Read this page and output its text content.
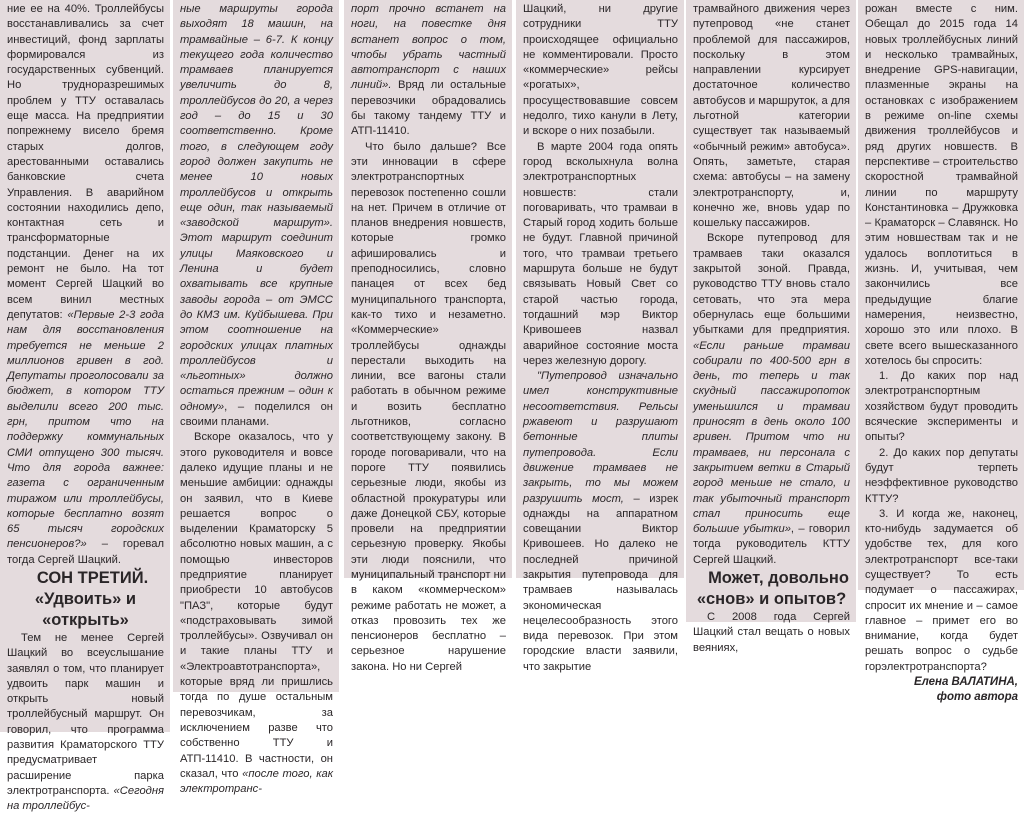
ние ее на 40%. Троллейбусы восстанавливались за счет инвестиций, фонд зарплаты формировался из государственных субвенций. Но трудноразрешимых проблем у ТТУ оставалась еще масса. На предприятии попрежнему висело бремя старых долгов, арестованными оставались банковские счета Управления. В аварийном состоянии находились депо, контактная сеть и трансформаторные подстанции. Денег на их ремонт не было. На тот момент Сергей Шацкий во всем винил местных депутатов: «Первые 2-3 года нам для восстановления требуется не меньше 2 миллионов гривен в год. Депутаты проголосовали за бюджет, в котором ТТУ выделили всего 200 тыс. грн, притом что на поддержку коммунальных СМИ отпущено 300 тысяч. Что для города важнее: газета с ограниченным тиражом или троллейбусы, которые бесплатно возят 65 тысяч городских пенсионеров?» – горевал тогда Сергей Шацкий.

СОН ТРЕТИЙ. «Удвоить» и «открыть»

Тем не менее Сергей Шацкий во всеуслышание заявлял о том, что планирует удвоить парк машин и открыть новый троллейбусный маршрут. Он говорил, что программа развития Краматорского ТТУ предусматривает расширение парка электротранспорта. «Сегодня на троллейбус-

ные маршруты города выходят 18 машин, на трамвайные – 6-7. К концу текущего года количество трамваев планируется увеличить до 8, троллейбусов до 20, а через год – до 15 и 30 соответственно. Кроме того, в следующем году город должен закупить не менее 10 новых троллейбусов и открыть еще один, так называемый «заводской маршрут». Этот маршрут соединит улицы Маяковского и Ленина и будет охватывать все крупные заводы города – от ЭМСС до КМЗ им. Куйбышева. При этом соотношение на городских улицах платных троллейбусов и «льготных» должно остаться прежним – один к одному», – поделился он своими планами.

Вскоре оказалось, что у этого руководителя и вовсе далеко идущие планы и не меньшие амбиции: однажды он заявил, что в Киеве решается вопрос о выделении Краматорску 5 абсолютно новых машин, а с помощью инвесторов предприятие планирует приобрести 10 автобусов "ПАЗ", которые будут «подстраховывать зимой троллейбусы». Озвучивал он и такие планы ТТУ и «Электроавтотранспорта», которые вряд ли пришлись тогда по душе остальным перевозчикам, за исключением разве что собственно ТТУ и АТП-11410. В частности, он сказал, что «после того, как электротранс-

порт прочно встанет на ноги, на повестке дня встанет вопрос о том, чтобы убрать частный автотранспорт с наших линий». Вряд ли остальные перевозчики обрадовались бы такому тандему ТТУ и АТП-11410.

Что было дальше? Все эти инновации в сфере электротранспортных перевозок постепенно сошли на нет. Причем в отличие от планов внедрения новшеств, которые громко афишировались и преподносились, словно панацея от всех бед муниципального транспорта, как-то тихо и незаметно. «Коммерческие» троллейбусы однажды перестали выходить на линии, все вагоны стали работать в обычном режиме и возить бесплатно льготников, согласно соответствующему закону. В городе поговаривали, что на пороге ТТУ появились серьезные люди, якобы из областной прокуратуры или даже Донецкой СБУ, которые провели на предприятии серьезную проверку. Якобы эти люди пояснили, что муниципальный транспорт ни в каком «коммерческом» режиме работать не может, а отказ провозить тех же пенсионеров бесплатно – серьезное нарушение закона. Но ни Сергей

Шацкий, ни другие сотрудники ТТУ происходящее официально не комментировали. Просто «коммерческие» рейсы «рогатых», просуществовавшие совсем недолго, тихо канули в Лету, и вскоре о них позабыли.

В марте 2004 года опять город всколыхнула волна электротранспортных новшеств: стали поговаривать, что трамваи в Старый город ходить больше не будут. Главной причиной того, что трамваи третьего маршрута больше не будут связывать Новый Свет со старой частью города, тогдашний мэр Виктор Кривошеев назвал аварийное состояние моста через железную дорогу.

"Путепровод изначально имел конструктивные несоответствия. Рельсы ржавеют и разрушают бетонные плиты путепровода. Если движение трамваев не закрыть, то мы можем разрушить мост, – изрек однажды на аппаратном совещании Виктор Кривошеев. Но далеко не последней причиной закрытия путепровода для трамваев называлась экономическая нецелесообразность этого вида перевозок. При этом городские власти заявили, что закрытие

трамвайного движения через путепровод «не станет проблемой для пассажиров, поскольку в этом направлении курсирует достаточное количество автобусов и маршруток, а для льготной категории существует так называемый «обычный режим» автобуса». Опять, заметьте, старая схема: автобусы – на замену электротранспорту, и, конечно же, вновь удар по кошельку пассажиров.

Вскоре путепровод для трамваев таки оказался закрытой зоной. Правда, руководство ТТУ вновь стало сетовать, что эта мера обернулась еще большими убытками для предприятия. «Если раньше трамваи собирали по 400-500 грн в день, то теперь и так скудный пассажиропоток уменьшился и трамваи приносят в день около 100 гривен. Притом что ни трамваев, ни персонала с закрытием ветки в Старый город меньше не стало, и так убыточный транспорт стал приносить еще большие убытки», – говорил тогда руководитель КТТУ Сергей Шацкий.

Может, довольно «снов» и опытов?

С 2008 года Сергей Шацкий стал вещать о новых веяниях,

рожан вместе с ним. Обещал до 2015 года 14 новых троллейбусных линий и несколько трамвайных, внедрение GPS-навигации, плазменные экраны на остановках с изображением в режиме on-line схемы движения троллейбусов и ряд других новшеств. В перспективе – строительство скоростной трамвайной линии по маршруту Константиновка – Дружковка – Краматорск – Славянск. Но этим новшествам так и не удалось воплотиться в жизнь. И, учитывая, чем закончились все предыдущие благие намерения, неизвестно, хорошо это или плохо. В свете всего вышесказанного хотелось бы спросить:

1. До каких пор над электротранспортным хозяйством будут проводить всяческие эксперименты и опыты?

2. До каких пор депутаты будут терпеть неэффективное руководство КТТУ?

3. И когда же, наконец, кто-нибудь задумается об удобстве тех, для кого электротранспорт все-таки существует? То есть подумает о пассажирах, спросит их мнение и – самое главное – примет его во внимание, когда будет решать вопрос о судьбе горэлектротранспорта?

Елена ВАЛАТИНА,
фото автора
